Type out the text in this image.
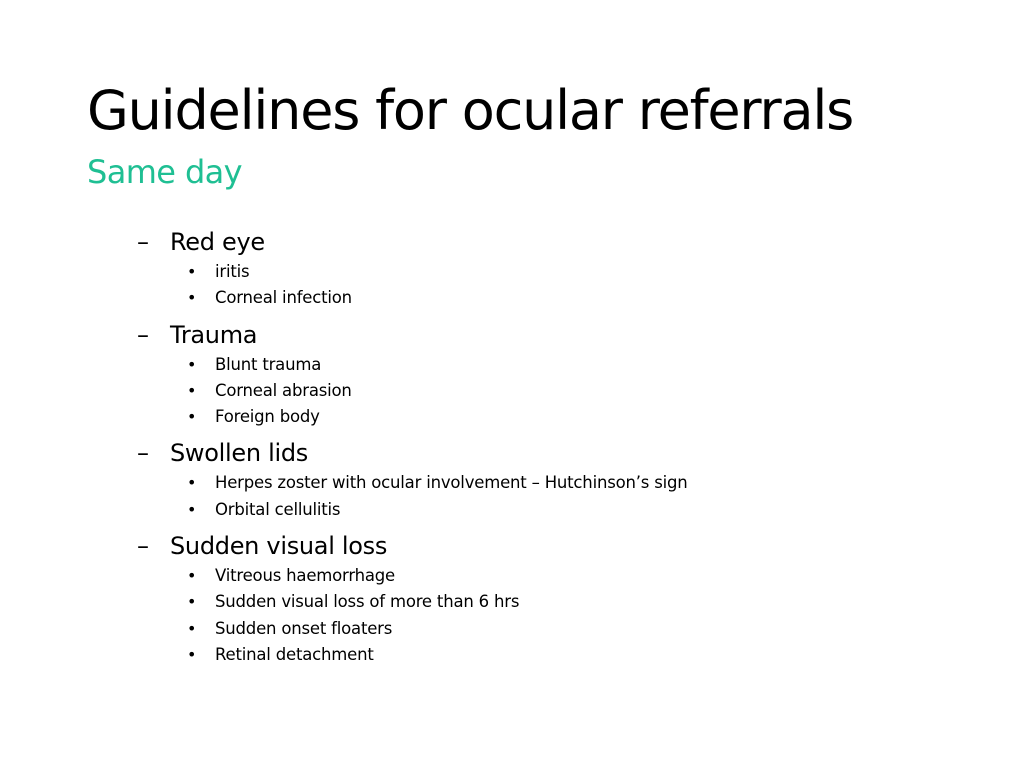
Guidelines for ocular referrals
Same day
– Red eye
• iritis
• Corneal infection
– Trauma
• Blunt trauma
• Corneal abrasion
• Foreign body
– Swollen lids
• Herpes zoster with ocular involvement – Hutchinson’s sign
• Orbital cellulitis
– Sudden visual loss
• Vitreous haemorrhage
• Sudden visual loss of more than 6 hrs
• Sudden onset floaters
• Retinal detachment
